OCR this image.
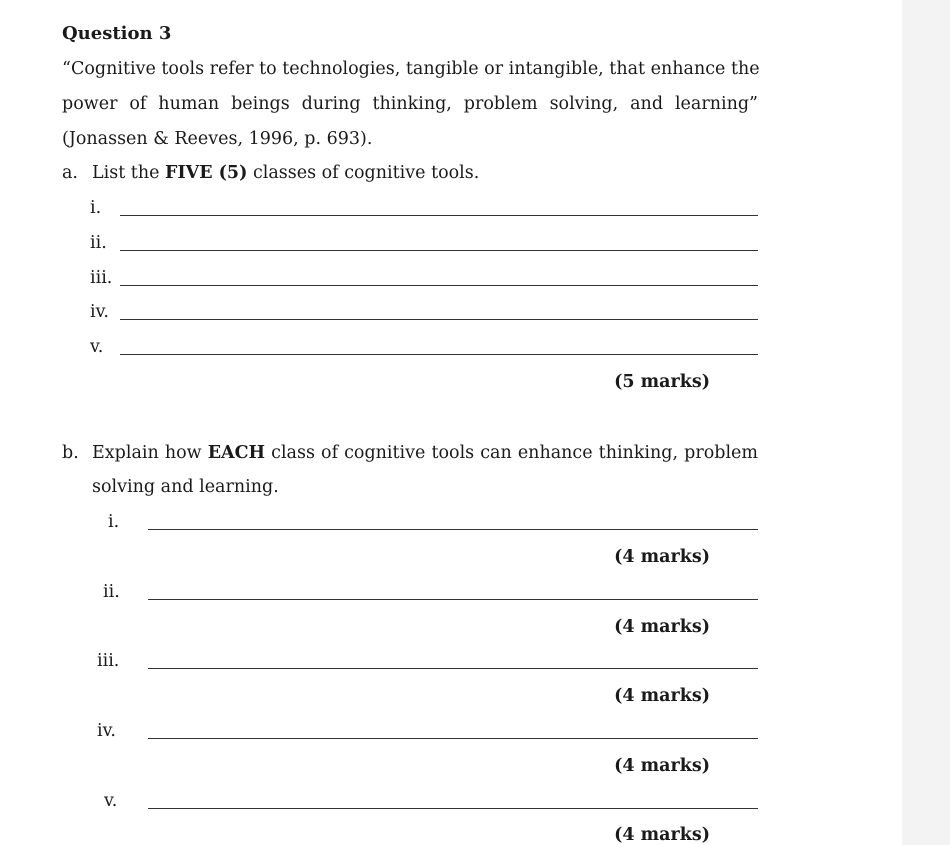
Question 3
“Cognitive tools refer to technologies, tangible or intangible, that enhance the
power of human beings during thinking, problem solving, and learning”
(Jonassen & Reeves, 1996, p. 693).
a. List the FIVE (5) classes of cognitive tools.
i.
ii.
iii.
iv.
v.
(5 marks)
b. Explain how EACH class of cognitive tools can enhance thinking, problem
solving and learning.
i.
(4 marks)
ii.
(4 marks)
iii.
(4 marks)
iv.
(4 marks)
v.
(4 marks)
